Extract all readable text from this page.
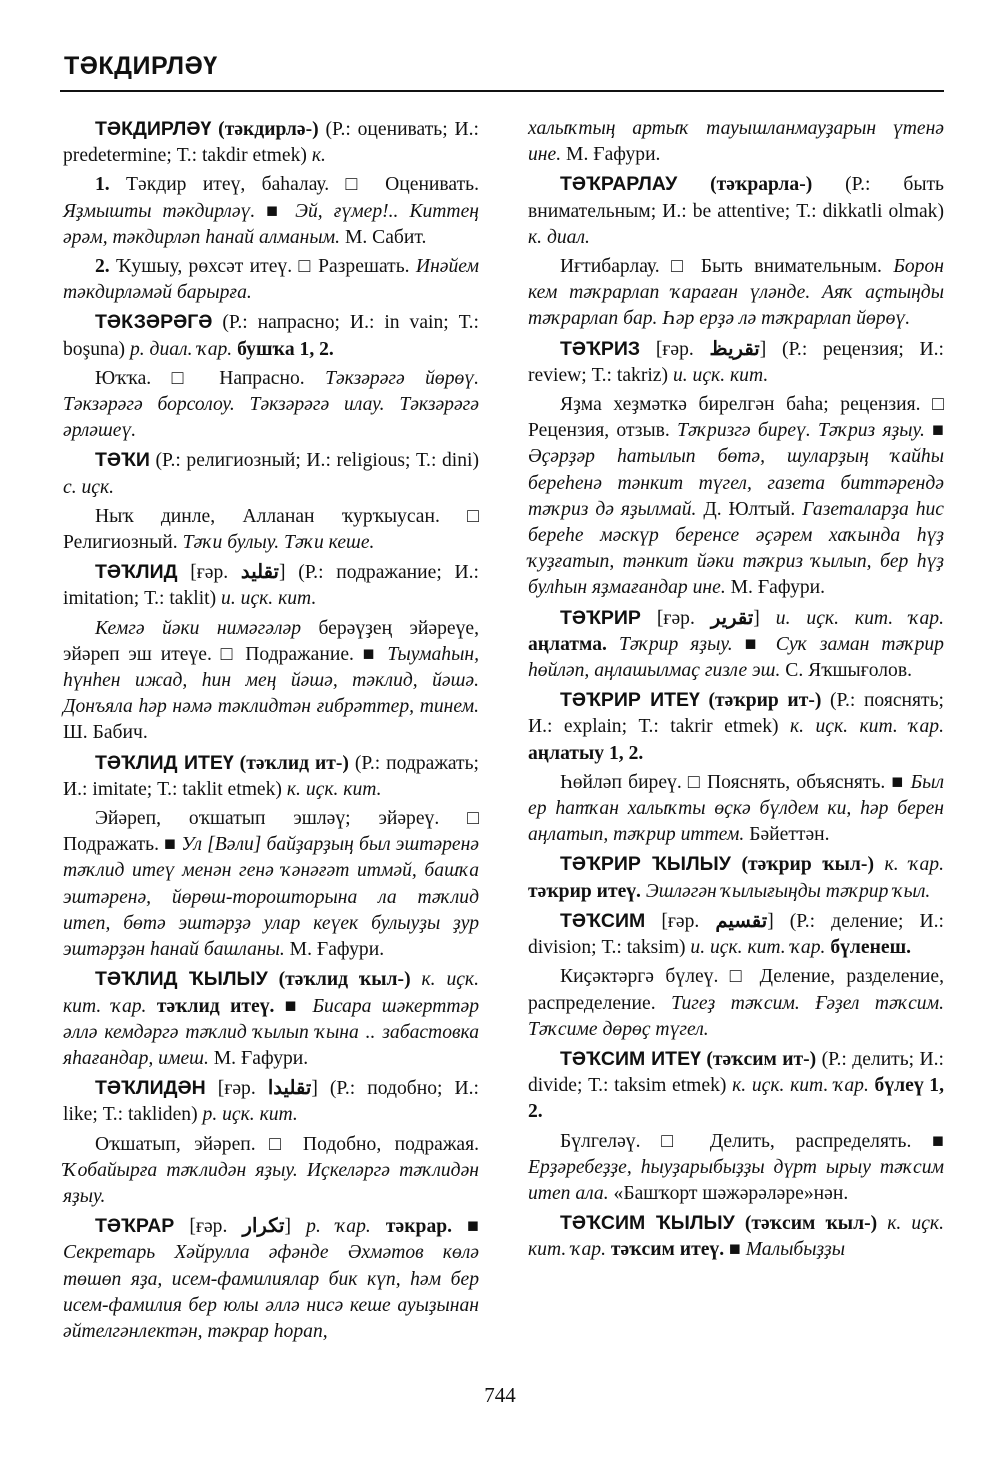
ТӘКДИРЛӘҮ

ТӘКДИРЛӘҮ (тәкдирлә-) (Р.: оценивать; И.: predetermine; Т.: takdir etmek) к.

1. Тәкдир итеү, баһалау. □ Оценивать. Яҙмышты тәкдирләү. ■ Эй, ғүмер!.. Киттең әрәм, тәкдирләп һанай алманым. М. Сабит.

2. Ҡушыу, рөхсәт итеү. □ Разрешать. Инәйем тәкдирләмәй барырға.

ТӘКЗӘРӘГӘ (Р.: напрасно; И.: in vain; Т.: boşuna) р. диал. ҡар. бушҡа 1, 2.

Юҡҡа. □ Напрасно. Тәкзәрәгә йөрөү. Тәкзәрәгә борсолоу. Тәкзәрәгә илау. Тәкзәрәгә әрләшеү.

ТӘҠИ (Р.: религиозный; И.: religious; Т.: dini) с. иҫк.

Ныҡ динле, Алланан ҡурҡыусан. □ Религиозный. Тәҡи булыу. Тәҡи кеше.

ТӘҠЛИД [ғәр. تقليد] (Р.: подражание; И.: imitation; Т.: taklit) и. иҫк. кит.

Кемгә йәки нимәгәләр берәүҙең эйәреүе, эйәреп эш итеүе. □ Подражание. ■ Тыумаһын, һүнһен ижад, һин мең йәшә, тәклид, йәшә. Донъяла һәр нәмә тәклидтән ғибрәттер, тинем. Ш. Бабич.

ТӘҠЛИД ИТЕҮ (тәҡлид ит-) (Р.: подражать; И.: imitate; Т.: taklit etmek) к. иҫк. кит.

Эйәреп, оҡшатып эшләү; эйәреү. □ Подражать. ■ Ул [Вәли] байҙарҙың был эштәренә тәҡлид итеү менән генә ҡәнәғәт итмәй, башҡа эштәренә, йөрөш-торошторына ла тәҡлид итеп, бөтә эштәрҙә улар кеүек булыуҙы ҙур эштәрҙән һанай башланы. М. Ғафури.

ТӘҠЛИД ҠЫЛЫУ (тәҡлид ҡыл-) к. иҫк. кит. ҡар. тәҡлид итеү. ■ Бисара шәкерттәр әллә кемдәргә тәҡлид ҡылып ҡына .. забастовка яһағандар, имеш. М. Ғафури.

ТӘҠЛИДӘН [ғәр. تقليدا] (Р.: подобно; И.: like; Т.: takliden) р. иҫк. кит.

Оҡшатып, эйәреп. □ Подобно, подражая. Ҡобайырға тәҡлидән яҙыу. Иҫкеләргә тәҡлидән яҙыу.

ТӘҠРАР [ғәр. تكرار] р. ҡар. тәкрар. ■ Секретарь Хәйрулла әфәнде Әхмәтов көлә төшөп яҙа, исем-фамилиялар бик күп, һәм бер исем-фамилия бер юлы әллә нисә кеше ауыҙынан әйтелгәнлектән, тәкрар һорап,

халыҡтың артыҡ тауышланмауҙарын үтенә ине. М. Ғафури.

ТӘҠРАРЛАУ (тәҡрарла-) (Р.: быть внимательным; И.: be attentive; Т.: dikkatli olmak) к. диал.

Иғтибарлау. □ Быть внимательным. Борон кем тәҡрарлап ҡараған үләнде. Аяҡ аҫтыңды тәҡрарлап бар. Һәр ерҙә лә тәҡрарлап йөрөү.

ТӘҠРИЗ [ғәр. تقريظ] (Р.: рецензия; И.: review; Т.: takriz) и. иҫк. кит.

Яҙма хеҙмәткә бирелгән баһа; рецензия. □ Рецензия, отзыв. Тәҡризгә биреү. Тәҡриз яҙыу. ■ Әҫәрҙәр һатылып бөтә, шуларҙың ҡайһы береһенә тәнкит түгел, газета биттәрендә тәҡриз дә яҙылмай. Д. Юлтый. Газеталарҙа һис береһе мәскүр беренсе әҫәрем хаҡында һүҙ ҡуҙғатып, тәнкит йәки тәҡриз ҡылып, бер һүҙ булһын яҙмағандар ине. М. Ғафури.

ТӘҠРИР [ғәр. تقرير] и. иҫк. кит. ҡар. аңлатма. Тәҡрир яҙыу. ■ Суҡ заман тәҡрир һөйләп, аңлашылмаҫ гизле эш. С. Яҡшығолов.

ТӘҠРИР ИТЕҮ (тәҡрир ит-) (Р.: пояснять; И.: explain; Т.: takrir etmek) к. иҫк. кит. ҡар. аңлатыу 1, 2.

Һөйләп биреү. □ Пояснять, объяснять. ■ Был ер һатҡан халыҡты өҫкә бүлдем ки, һәр берен аңлатып, тәҡрир иттем. Бәйеттән.

ТӘҠРИР ҠЫЛЫУ (тәҡрир ҡыл-) к. ҡар. тәҡрир итеү. Эшләгән ҡылығыңды тәҡрир ҡыл.

ТӘҠСИМ [ғәр. تقسيم] (Р.: деление; И.: division; Т.: taksim) и. иҫк. кит. ҡар. бүленеш.

Киҫәктәргә бүлеү. □ Деление, разделение, распределение. Тигеҙ тәҡсим. Ғәҙел тәҡсим. Тәҡсиме дөрөҫ түгел.

ТӘҠСИМ ИТЕҮ (тәҡсим ит-) (Р.: делить; И.: divide; Т.: taksim etmek) к. иҫк. кит. ҡар. бүлеү 1, 2.

Бүлгеләү. □ Делить, распределять. ■ Ерҙәребеҙҙе, һыуҙарыбыҙҙы дүрт ырыу тәҡсим итеп ала. «Башҡорт шәжәрәләре»нән.

ТӘҠСИМ ҠЫЛЫУ (тәҡсим ҡыл-) к. иҫк. кит. ҡар. тәҡсим итеү. ■ Малыбыҙҙы

744
